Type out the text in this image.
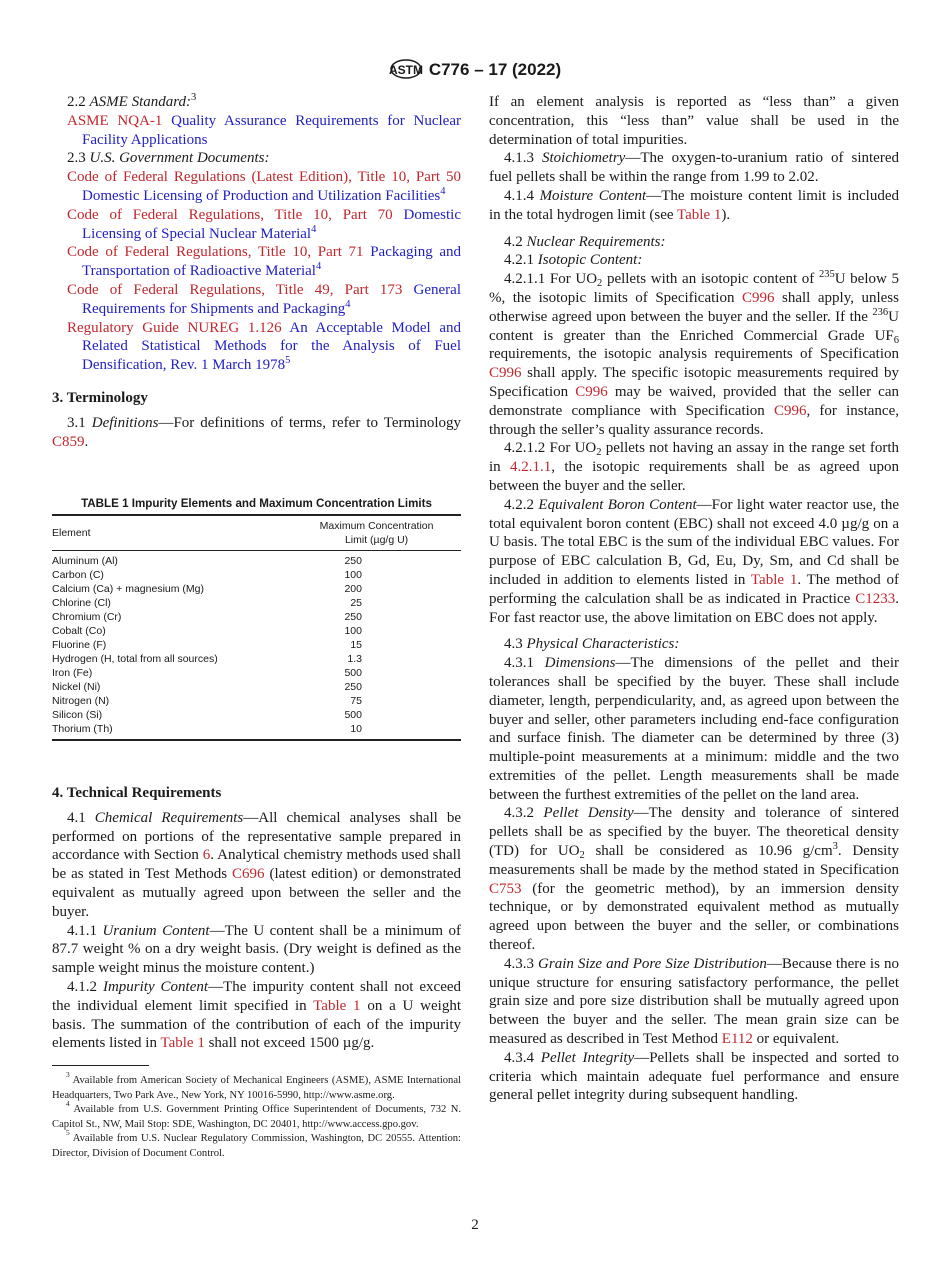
ASTM C776 – 17 (2022)

2.2 ASME Standard:$^3$

ASME NQA-1 Quality Assurance Requirements for Nuclear Facility Applications

2.3 U.S. Government Documents:

Code of Federal Regulations (Latest Edition), Title 10, Part 50 Domestic Licensing of Production and Utilization Facilities$^4$

Code of Federal Regulations, Title 10, Part 70 Domestic Licensing of Special Nuclear Material$^4$

Code of Federal Regulations, Title 10, Part 71 Packaging and Transportation of Radioactive Material$^4$

Code of Federal Regulations, Title 49, Part 173 General Requirements for Shipments and Packaging$^4$

Regulatory Guide NUREG 1.126 An Acceptable Model and Related Statistical Methods for the Analysis of Fuel Densification, Rev. 1 March 1978$^5$

3. Terminology

3.1 Definitions—For definitions of terms, refer to Terminology C859.

TABLE 1 Impurity Elements and Maximum Concentration Limits
Element	Maximum Concentration
Limit (µg/g U)
Aluminum (Al)	250
Carbon (C)	100
Calcium (Ca) + magnesium (Mg)	200
Chlorine (Cl)	25
Chromium (Cr)	250
Cobalt (Co)	100
Fluorine (F)	15
Hydrogen (H, total from all sources)	1.3
Iron (Fe)	500
Nickel (Ni)	250
Nitrogen (N)	75
Silicon (Si)	500
Thorium (Th)	10

4. Technical Requirements

4.1 Chemical Requirements—All chemical analyses shall be performed on portions of the representative sample prepared in accordance with Section 6. Analytical chemistry methods used shall be as stated in Test Methods C696 (latest edition) or demonstrated equivalent as mutually agreed upon between the seller and the buyer.

4.1.1 Uranium Content—The U content shall be a minimum of 87.7 weight % on a dry weight basis. (Dry weight is defined as the sample weight minus the moisture content.)

4.1.2 Impurity Content—The impurity content shall not exceed the individual element limit specified in Table 1 on a U weight basis. The summation of the contribution of each of the impurity elements listed in Table 1 shall not exceed 1500 µg/g.

If an element analysis is reported as “less than” a given concentration, this “less than” value shall be used in the determination of total impurities.

4.1.3 Stoichiometry—The oxygen-to-uranium ratio of sintered fuel pellets shall be within the range from 1.99 to 2.02.

4.1.4 Moisture Content—The moisture content limit is included in the total hydrogen limit (see Table 1).

4.2 Nuclear Requirements:

4.2.1 Isotopic Content:

4.2.1.1 For $UO_2$ pellets with an isotopic content of $^{235}$U below 5 %, the isotopic limits of Specification C996 shall apply, unless otherwise agreed upon between the buyer and the seller. If the $^{236}$U content is greater than the Enriched Commercial Grade $UF_6$ requirements, the isotopic analysis requirements of Specification C996 shall apply. The specific isotopic measurements required by Specification C996 may be waived, provided that the seller can demonstrate compliance with Specification C996, for instance, through the seller’s quality assurance records.

4.2.1.2 For $UO_2$ pellets not having an assay in the range set forth in 4.2.1.1, the isotopic requirements shall be as agreed upon between the buyer and the seller.

4.2.2 Equivalent Boron Content—For light water reactor use, the total equivalent boron content (EBC) shall not exceed 4.0 µg/g on a U basis. The total EBC is the sum of the individual EBC values. For purpose of EBC calculation B, Gd, Eu, Dy, Sm, and Cd shall be included in addition to elements listed in Table 1. The method of performing the calculation shall be as indicated in Practice C1233. For fast reactor use, the above limitation on EBC does not apply.

4.3 Physical Characteristics:

4.3.1 Dimensions—The dimensions of the pellet and their tolerances shall be specified by the buyer. These shall include diameter, length, perpendicularity, and, as agreed upon between the buyer and seller, other parameters including end-face configuration and surface finish. The diameter can be determined by three (3) multiple-point measurements at a minimum: middle and the two extremities of the pellet. Length measurements shall be made between the furthest extremities of the pellet on the land area.

4.3.2 Pellet Density—The density and tolerance of sintered pellets shall be as specified by the buyer. The theoretical density (TD) for $UO_2$ shall be considered as 10.96 $g/cm^3$. Density measurements shall be made by the method stated in Specification C753 (for the geometric method), by an immersion density technique, or by demonstrated equivalent method as mutually agreed upon between the buyer and the seller, or combinations thereof.

4.3.3 Grain Size and Pore Size Distribution—Because there is no unique structure for ensuring satisfactory performance, the pellet grain size and pore size distribution shall be mutually agreed upon between the buyer and the seller. The mean grain size can be measured as described in Test Method E112 or equivalent.

4.3.4 Pellet Integrity—Pellets shall be inspected and sorted to criteria which maintain adequate fuel performance and ensure general pellet integrity during subsequent handling.

$^3$ Available from American Society of Mechanical Engineers (ASME), ASME International Headquarters, Two Park Ave., New York, NY 10016-5990, http://www.asme.org.

$^4$ Available from U.S. Government Printing Office Superintendent of Documents, 732 N. Capitol St., NW, Mail Stop: SDE, Washington, DC 20401, http://www.access.gpo.gov.

$^5$ Available from U.S. Nuclear Regulatory Commission, Washington, DC 20555. Attention: Director, Division of Document Control.

2
